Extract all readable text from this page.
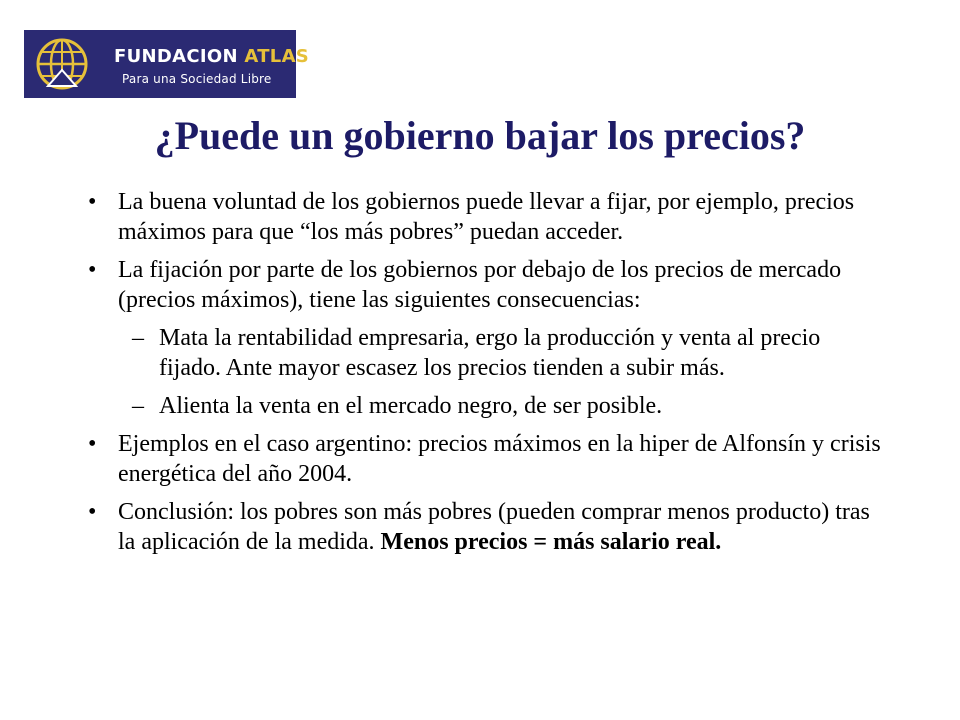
FUNDACION ATLAS
Para una Sociedad Libre
¿Puede un gobierno bajar los precios?
• La buena voluntad de los gobiernos puede llevar a fijar, por ejemplo, precios máximos para que “los más pobres” puedan acceder.
• La fijación por parte de los gobiernos por debajo de los precios de mercado (precios máximos), tiene las siguientes consecuencias:
– Mata la rentabilidad empresaria, ergo la producción y venta al precio fijado. Ante mayor escasez los precios tienden a subir más.
– Alienta la venta en el mercado negro, de ser posible.
• Ejemplos en el caso argentino: precios máximos en la hiper de Alfonsín y crisis energética del año 2004.
• Conclusión: los pobres son más pobres (pueden comprar menos producto) tras la aplicación de la medida. Menos precios = más salario real.
